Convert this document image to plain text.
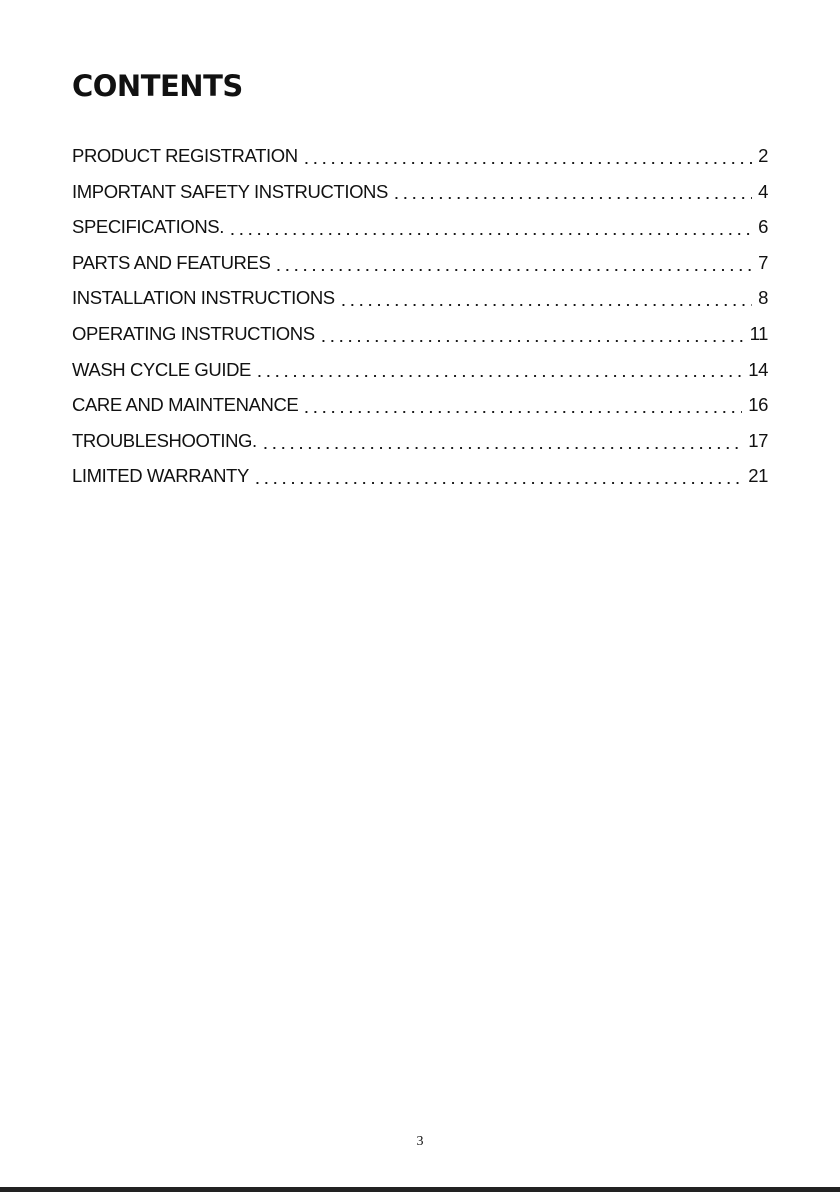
CONTENTS
PRODUCT REGISTRATION	2
IMPORTANT SAFETY INSTRUCTIONS	4
SPECIFICATIONS.	6
PARTS AND FEATURES	7
INSTALLATION INSTRUCTIONS	8
OPERATING INSTRUCTIONS	11
WASH CYCLE GUIDE	14
CARE AND MAINTENANCE	16
TROUBLESHOOTING.	17
LIMITED WARRANTY	21
3
